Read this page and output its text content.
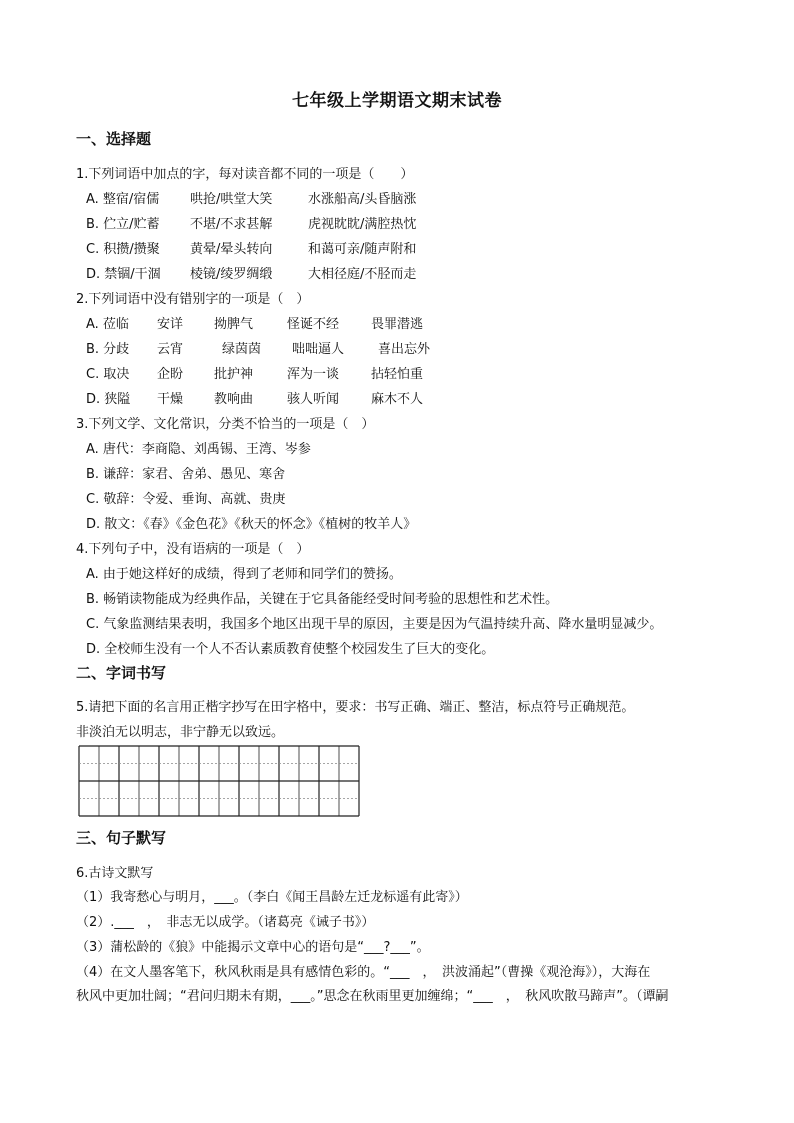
七年级上学期语文期末试卷
一、选择题
1.下列词语中加点的字，每对读音都不同的一项是（　　）
A. 整宿/宿儒 哄抢/哄堂大笑	水涨船高/头昏脑涨
B. 伫立/贮蓄 不堪/不求甚解	虎视眈眈/满腔热忱
C. 积攒/攒聚 黄晕/晕头转向	和蔼可亲/随声附和
D. 禁锢/干涸 棱镜/绫罗绸缎	大相径庭/不胫而走
2.下列词语中没有错别字的一项是（　）
A. 莅临 安详 拗脾气	怪诞不经 畏罪潜逃
B. 分歧 云宵	绿茵茵 咄咄逼人	喜出忘外
C. 取决 企盼 批护神	浑为一谈 拈轻怕重
D. 狭隘 干燥 教响曲	骇人听闻 麻木不人
3.下列文学、文化常识，分类不恰当的一项是（　）
A. 唐代：李商隐、刘禹锡、王湾、岑参
B. 谦辞：家君、舍弟、愚见、寒舍
C. 敬辞：令爱、垂询、高就、贵庚
D. 散文：《春》《金色花》《秋天的怀念》《植树的牧羊人》
4.下列句子中，没有语病的一项是（　）
A. 由于她这样好的成绩，得到了老师和同学们的赞扬。
B. 畅销读物能成为经典作品，关键在于它具备能经受时间考验的思想性和艺术性。
C. 气象监测结果表明，我国多个地区出现干旱的原因，主要是因为气温持续升高、降水量明显减少。
D. 全校师生没有一个人不否认素质教育使整个校园发生了巨大的变化。
二、字词书写
5.请把下面的名言用正楷字抄写在田字格中，要求：书写正确、端正、整洁，标点符号正确规范。
非淡泊无以明志，非宁静无以致远。
三、句子默写
6.古诗文默写
（1）我寄愁心与明月，___。（李白《闻王昌龄左迁龙标遥有此寄》）
（2）.___　，　非志无以成学。（诸葛亮《诫子书》）
（3）蒲松龄的《狼》中能揭示文章中心的语句是“___?___”。
（4）在文人墨客笔下，秋风秋雨是具有感情色彩的。“___　，　洪波涌起”（曹操《观沧海》），大海在
秋风中更加壮阔；“君问归期未有期，___。”思念在秋雨里更加缠绵；“___　，　秋风吹散马蹄声”。（谭嗣
